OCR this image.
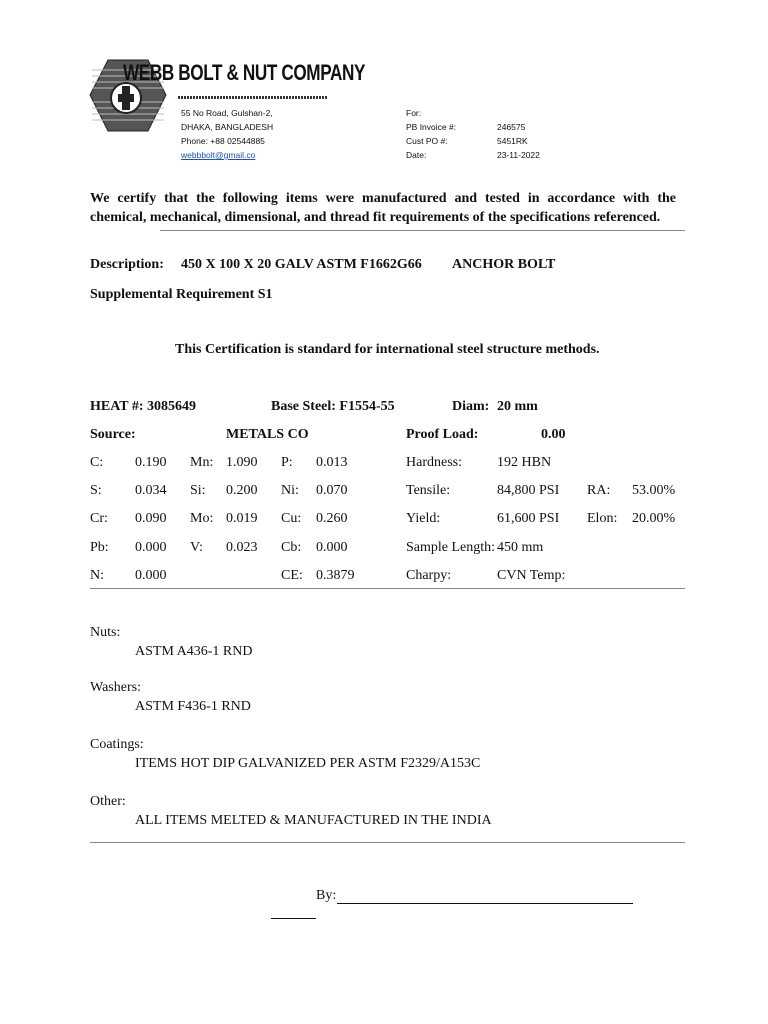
WEBB BOLT & NUT COMPANY
55 No Road, Gulshan-2,
DHAKA, BANGLADESH
Phone: +88 02544885
webbbolt@gmail.co
For:
PB Invoice #:	246575
Cust PO #:	5451RK
Date:	23-11-2022
We certify that the following items were manufactured and tested in accordance with the chemical, mechanical, dimensional, and thread fit requirements of the specifications referenced.
Description: 450 X 100 X 20 GALV ASTM F1662G66 ANCHOR BOLT
Supplemental Requirement S1
This Certification is standard for international steel structure methods.
HEAT #: 3085649	Base Steel: F1554-55	Diam: 20 mm
Source:	METALS CO	Proof Load:	0.00
C: 0.190 Mn: 1.090 P: 0.013	Hardness:	192 HBN
S: 0.034 Si: 0.200 Ni: 0.070	Tensile:	84,800 PSI RA: 53.00%
Cr: 0.090 Mo: 0.019 Cu: 0.260	Yield:	61,600 PSI Elon: 20.00%
Pb: 0.000 V: 0.023 Cb: 0.000	Sample Length: 450 mm
N: 0.000	CE: 0.3879	Charpy:	CVN Temp:
Nuts:
ASTM A436-1 RND
Washers:
ASTM F436-1 RND
Coatings:
ITEMS HOT DIP GALVANIZED PER ASTM F2329/A153C
Other:
ALL ITEMS MELTED & MANUFACTURED IN THE INDIA
By:
